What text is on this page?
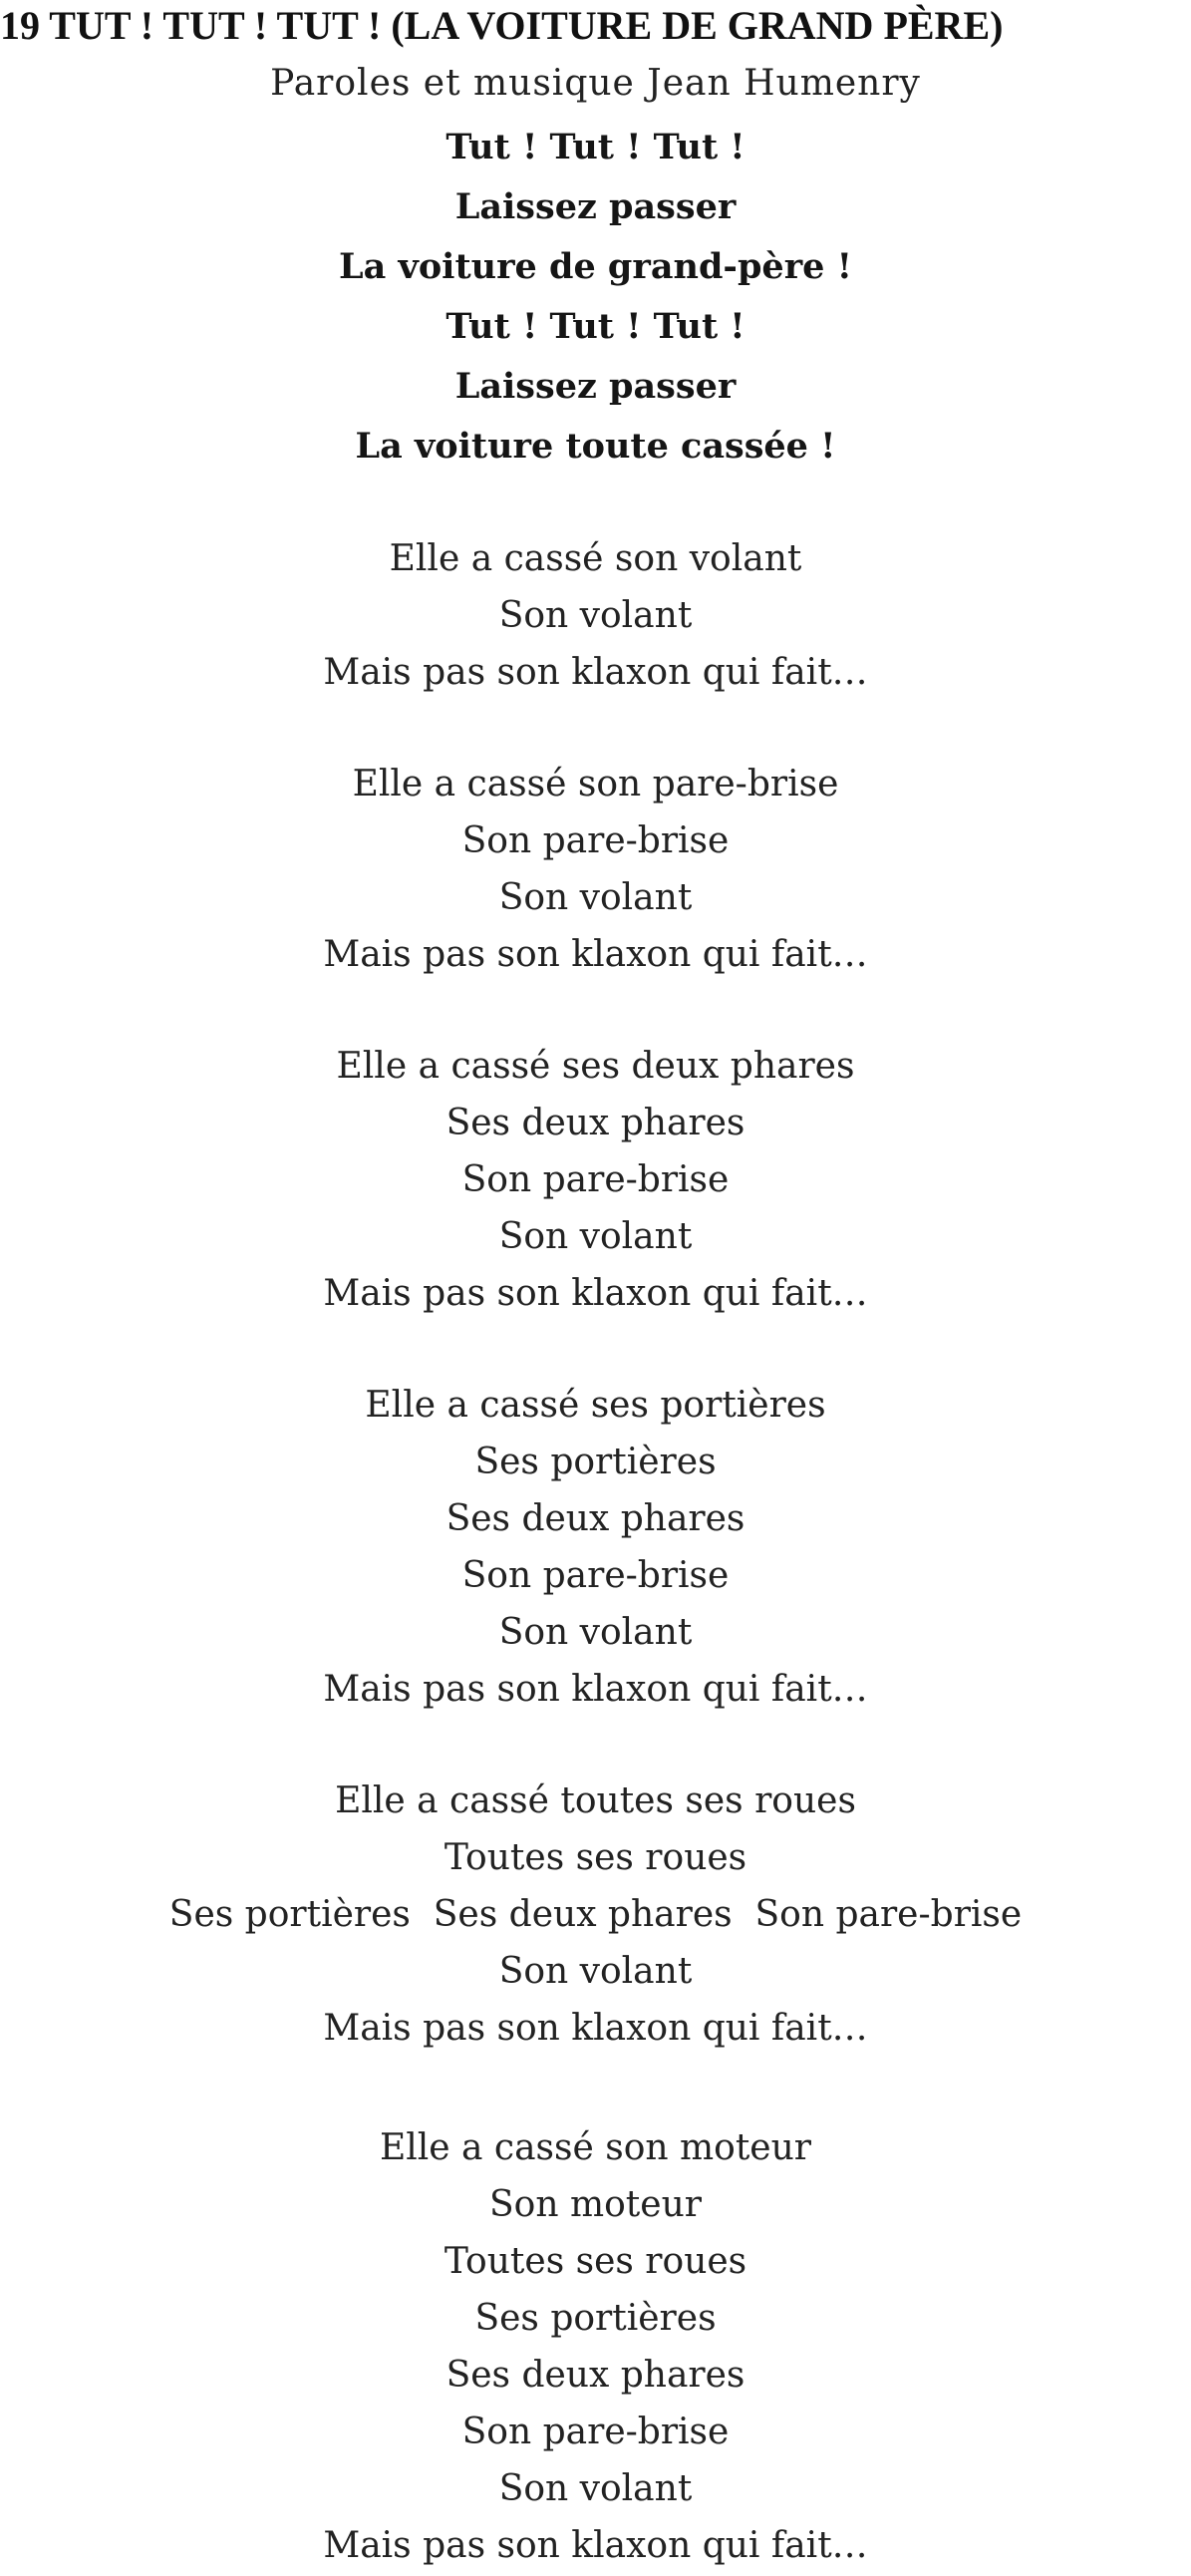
19 TUT ! TUT ! TUT ! (LA VOITURE DE GRAND PÈRE)
Paroles et musique Jean Humenry
Tut ! Tut ! Tut !
Laissez passer
La voiture de grand-père !
Tut ! Tut ! Tut !
Laissez passer
La voiture toute cassée !
Elle a cassé son volant
Son volant
Mais pas son klaxon qui fait…
Elle a cassé son pare-brise
Son pare-brise
Son volant
Mais pas son klaxon qui fait…
Elle a cassé ses deux phares
Ses deux phares
Son pare-brise
Son volant
Mais pas son klaxon qui fait…
Elle a cassé ses portières
Ses portières
Ses deux phares
Son pare-brise
Son volant
Mais pas son klaxon qui fait…
Elle a cassé toutes ses roues
Toutes ses roues
Ses portières  Ses deux phares  Son pare-brise
Son volant
Mais pas son klaxon qui fait…
Elle a cassé son moteur
Son moteur
Toutes ses roues
Ses portières
Ses deux phares
Son pare-brise
Son volant
Mais pas son klaxon qui fait…
